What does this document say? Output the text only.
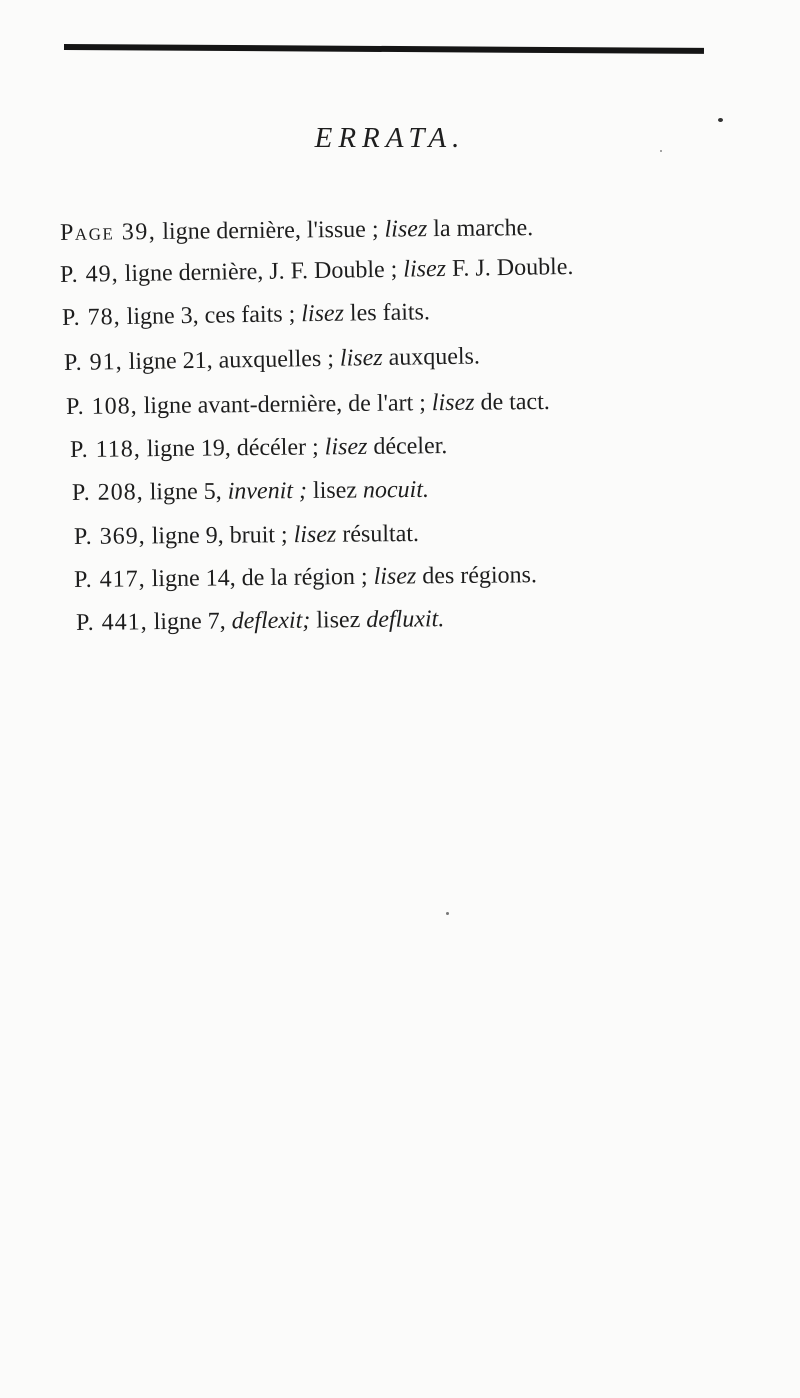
ERRATA.
Page 39, ligne dernière, l'issue ; lisez la marche.
P. 49, ligne dernière, J. F. Double ; lisez F. J. Double.
P. 78, ligne 3, ces faits ; lisez les faits.
P. 91, ligne 21, auxquelles ; lisez auxquels.
P. 108, ligne avant-dernière, de l'art ; lisez de tact.
P. 118, ligne 19, décéler ; lisez déceler.
P. 208, ligne 5, invenit ; lisez nocuit.
P. 369, ligne 9, bruit ; lisez résultat.
P. 417, ligne 14, de la région ; lisez des régions.
P. 441, ligne 7, deflexit; lisez defluxit.
